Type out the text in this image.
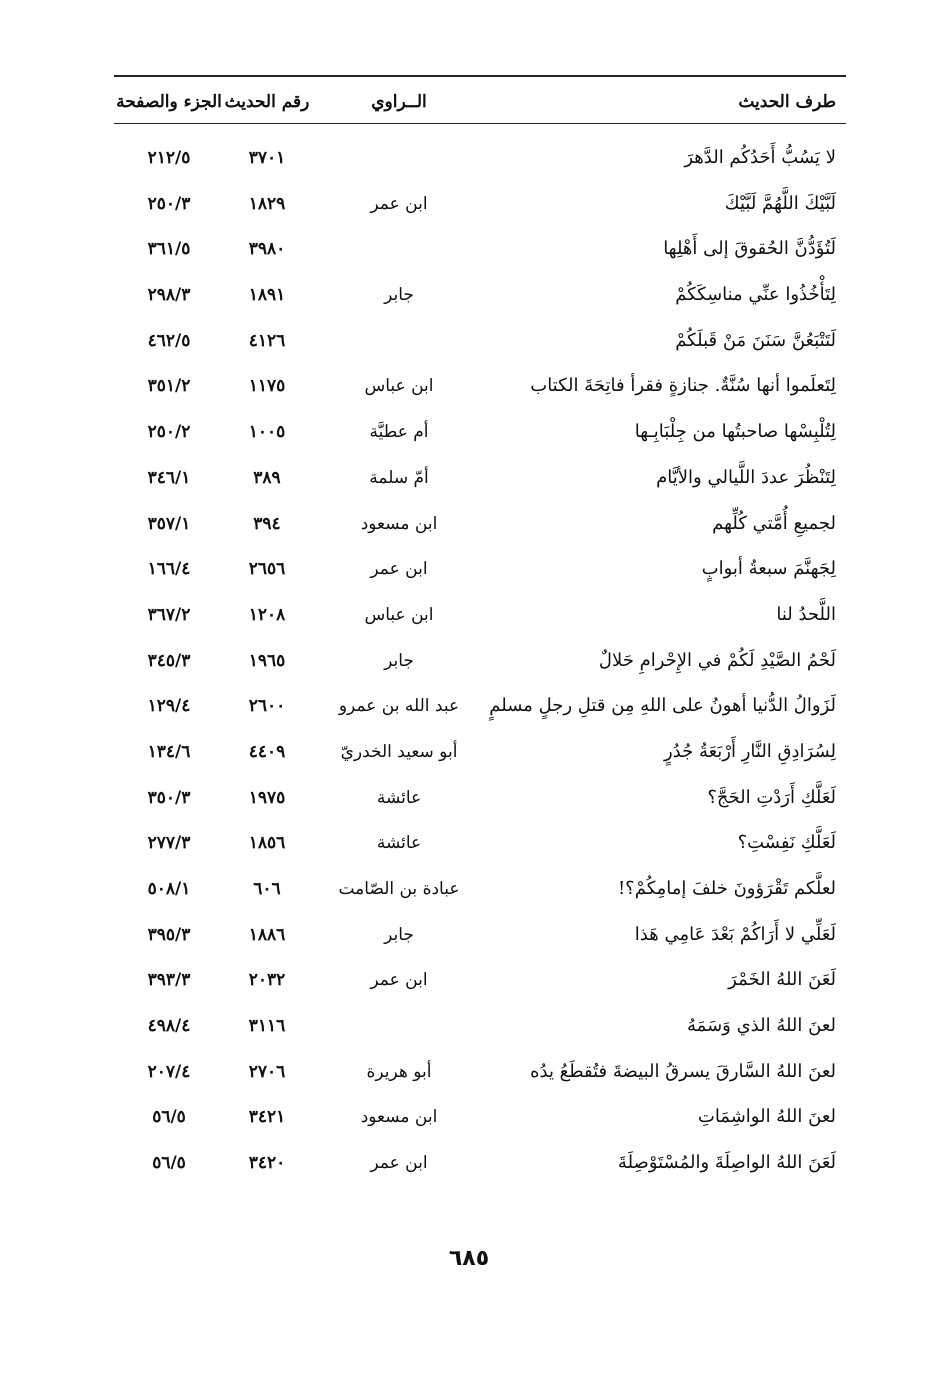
طرف الحديث
الــراوي
رقم الحديث
الجزء والصفحة
لا يَسُبُّ أَحَدُكُم الدَّهرَ
٣٧٠١
٢١٢/٥
لَبَّيْكَ اللَّهُمَّ لَبَّيْكَ
ابن عمر
١٨٢٩
٢٥٠/٣
لَتُؤَدُّنَّ الحُقوقَ إلى أَهْلِها
٣٩٨٠
٣٦١/٥
لِتَأْخُذُوا عنِّي مناسِكَكُمْ
جابر
١٨٩١
٢٩٨/٣
لَتَتْبَعُنَّ سَنَنَ مَنْ قَبلَكُمْ
٤١٢٦
٤٦٢/٥
لِتَعلَموا أنها سُنَّةٌ. جنازةٍ فقرأ فاتِحَةَ الكتاب
ابن عباس
١١٧٥
٣٥١/٢
لِتُلْبِسْها صاحبتُها من جِلْبَابِـها
أم عطيَّة
١٠٠٥
٢٥٠/٢
لِتَنْظُرَ عددَ اللَّيالي والأيَّام
أمّ سلمة
٣٨٩
٣٤٦/١
لجميعِ أُمَّتي كُلِّهم
ابن مسعود
٣٩٤
٣٥٧/١
لِجَهنَّمَ سبعةُ أبوابٍ
ابن عمر
٢٦٥٦
١٦٦/٤
اللَّحدُ لنا
ابن عباس
١٢٠٨
٣٦٧/٢
لَحْمُ الصَّيْدِ لَكُمْ في الإِحْرامِ حَلالٌ
جابر
١٩٦٥
٣٤٥/٣
لَزَوالُ الدُّنيا أهونُ على اللهِ مِن قتلِ رجلٍ مسلمٍ
عبد الله بن عمرو
٢٦٠٠
١٢٩/٤
لِسُرَادِقِ النَّارِ أَرْبَعَةُ جُدُرٍ
أبو سعيد الخدريّ
٤٤٠٩
١٣٤/٦
لَعَلَّكِ أَرَدْتِ الحَجَّ؟
عائشة
١٩٧٥
٣٥٠/٣
لَعَلَّكِ نَفِسْتِ؟
عائشة
١٨٥٦
٢٧٧/٣
لعلَّكم تَقْرَؤونَ خلفَ إمامِكُمْ؟!
عبادة بن الصّامت
٦٠٦
٥٠٨/١
لَعَلِّي لا أَرَاكُمْ بَعْدَ عَامِي هَذا
جابر
١٨٨٦
٣٩٥/٣
لَعَنَ اللهُ الخَمْرَ
ابن عمر
٢٠٣٢
٣٩٣/٣
لعنَ اللهُ الذي وَسَمَهُ
٣١١٦
٤٩٨/٤
لعنَ اللهُ السَّارقَ يسرقُ البيضةَ فتُقطَعُ يدُه
أبو هريرة
٢٧٠٦
٢٠٧/٤
لعنَ اللهُ الواشِمَاتِ
ابن مسعود
٣٤٢١
٥٦/٥
لَعَنَ اللهُ الواصِلَةَ والمُسْتَوْصِلَةَ
ابن عمر
٣٤٢٠
٥٦/٥
٦٨٥
